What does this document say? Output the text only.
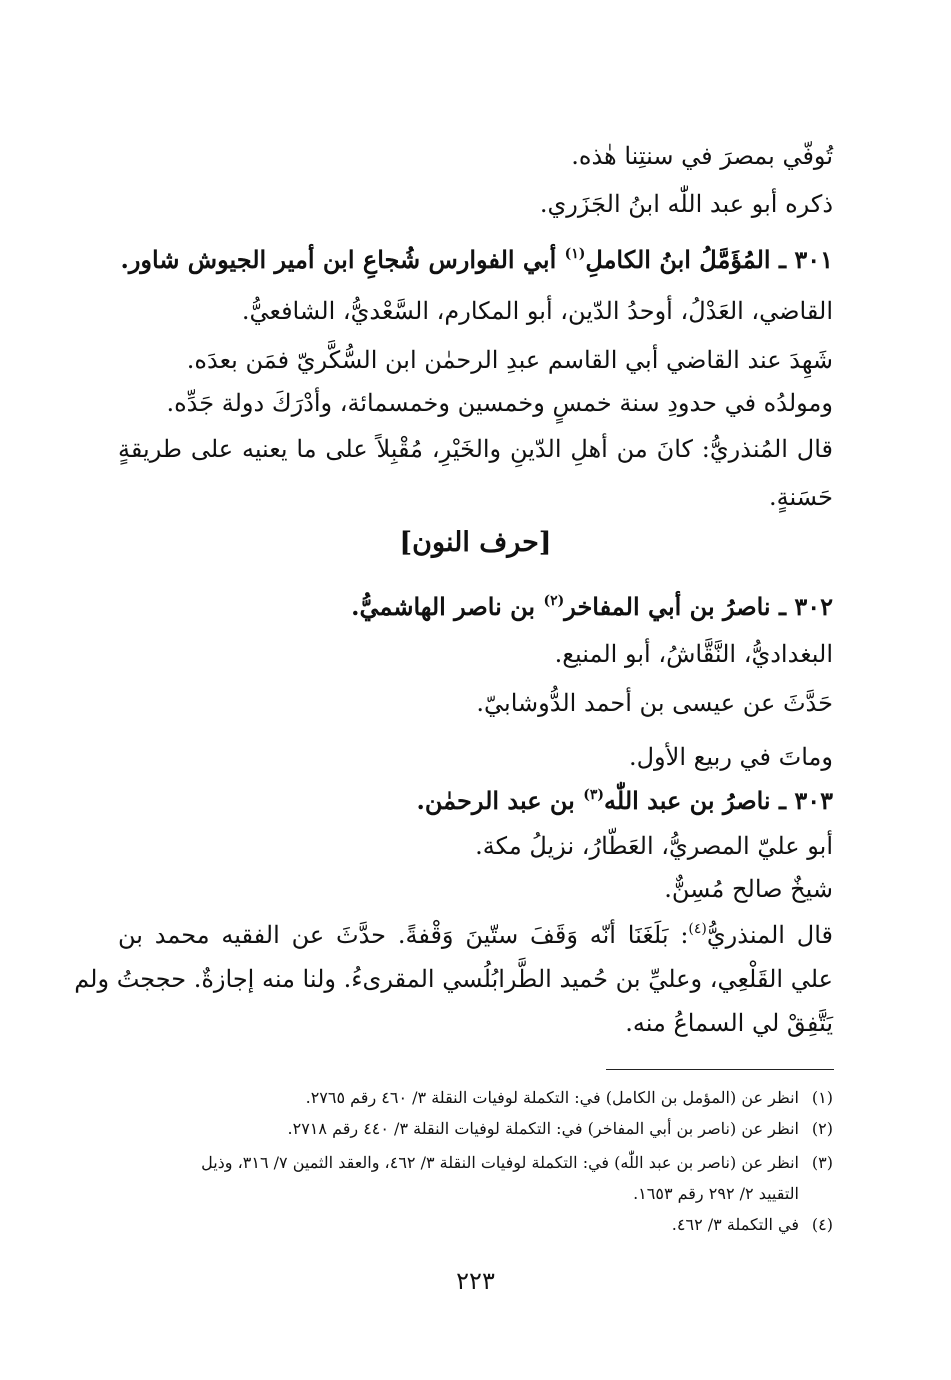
تُوفّي بمصرَ في سنتِنا هٰذه.
ذكره أبو عبد اللّٰه ابنُ الجَزَري.
٣٠١ ـ المُؤَمَّلُ ابنُ الكاملِ$^{(١)}$ أبي الفوارس شُجاعِ ابن أمير الجيوش شاور.
القاضي، العَدْلُ، أوحدُ الدّين، أبو المكارم، السَّعْديُّ، الشافعيُّ.
شَهِدَ عند القاضي أبي القاسم عبدِ الرحمٰن ابن السُّكَّريّ فمَن بعدَه.
ومولدُه في حدودِ سنة خمسٍ وخمسين وخمسمائة، وأدْرَكَ دولة جَدِّه.
قال المُنذريُّ: كانَ من أهلِ الدّينِ والخَيْرِ، مُقْبِلاً على ما يعنيه على طريقةٍ
حَسَنةٍ.
[حرف النون]
٣٠٢ ـ ناصرُ بن أبي المفاخر$^{(٢)}$ بن ناصر الهاشميُّ.
البغداديُّ، النَّقَّاشُ، أبو المنيع.
حَدَّثَ عن عيسى بن أحمد الدُّوشابيّ.
وماتَ في ربيع الأول.
٣٠٣ ـ ناصرُ بن عبد اللّٰه$^{(٣)}$ بن عبد الرحمٰن.
أبو عليّ المصريُّ، العَطّارُ، نزيلُ مكة.
شيخٌ صالح مُسِنٌّ.
قال المنذريُّ$^{(٤)}$: بَلَغَنَا أنّه وَقَفَ ستّينَ وَقْفةً. حدَّثَ عن الفقيه محمد بن
علي القَلْعِي، وعليِّ بن حُميد الطَّرابُلُسي المقرىءُ. ولنا منه إجازةٌ. حججتُ ولم
يَتَّفِقْ لي السماعُ منه.
(١)انظر عن (المؤمل بن الكامل) في: التكملة لوفيات النقلة ٣/ ٤٦٠ رقم ٢٧٦٥.
(٢)انظر عن (ناصر بن أبي المفاخر) في: التكملة لوفيات النقلة ٣/ ٤٤٠ رقم ٢٧١٨.
(٣)انظر عن (ناصر بن عبد اللّٰه) في: التكملة لوفيات النقلة ٣/ ٤٦٢، والعقد الثمين ٧/ ٣١٦، وذيل
التقييد ٢/ ٢٩٢ رقم ١٦٥٣.
(٤)في التكملة ٣/ ٤٦٢.
٢٢٣
